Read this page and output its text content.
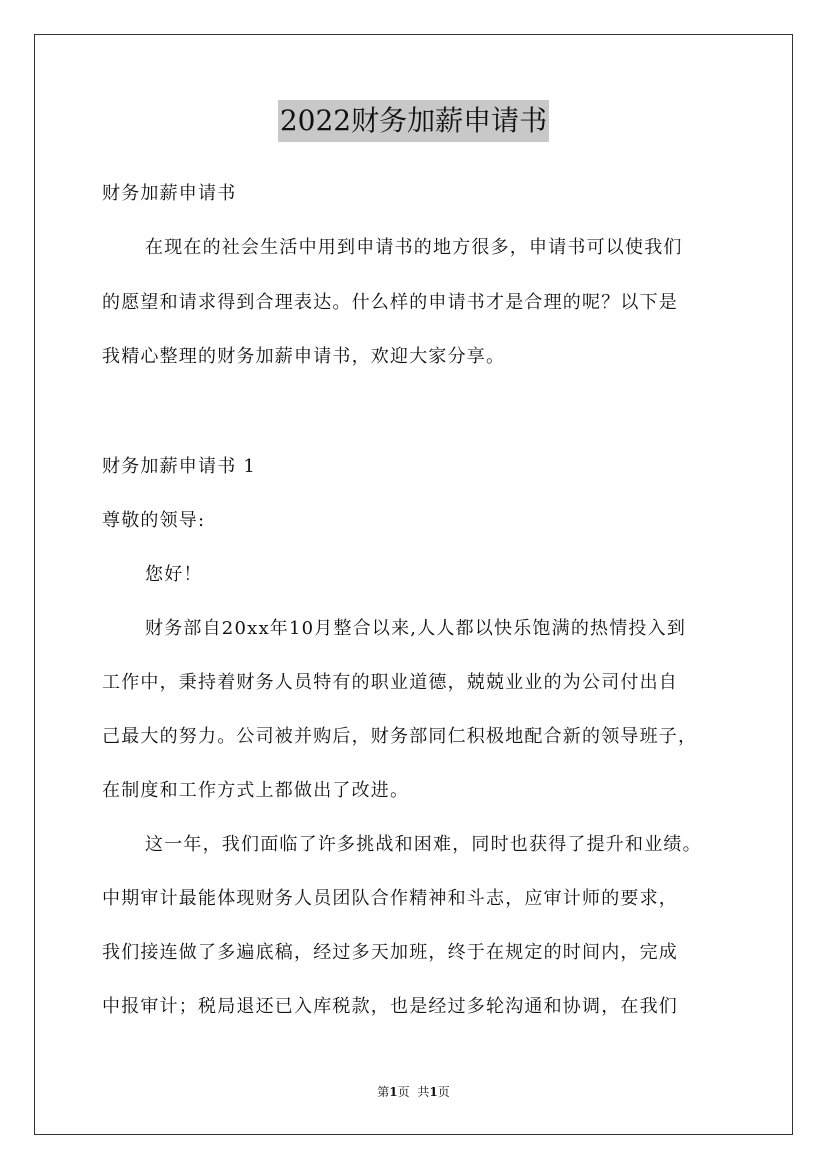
2022财务加薪申请书
财务加薪申请书
在现在的社会生活中用到申请书的地方很多，申请书可以使我们
的愿望和请求得到合理表达。什么样的申请书才是合理的呢？以下是
我精心整理的财务加薪申请书，欢迎大家分享。
财务加薪申请书 1
尊敬的领导:
您好！
财务部自20xx年10月整合以来,人人都以快乐饱满的热情投入到
工作中，秉持着财务人员特有的职业道德，兢兢业业的为公司付出自
己最大的努力。公司被并购后，财务部同仁积极地配合新的领导班子，
在制度和工作方式上都做出了改进。
这一年，我们面临了许多挑战和困难，同时也获得了提升和业绩。
中期审计最能体现财务人员团队合作精神和斗志，应审计师的要求，
我们接连做了多遍底稿，经过多天加班，终于在规定的时间内，完成
中报审计；税局退还已入库税款，也是经过多轮沟通和协调，在我们
第1页 共1页
